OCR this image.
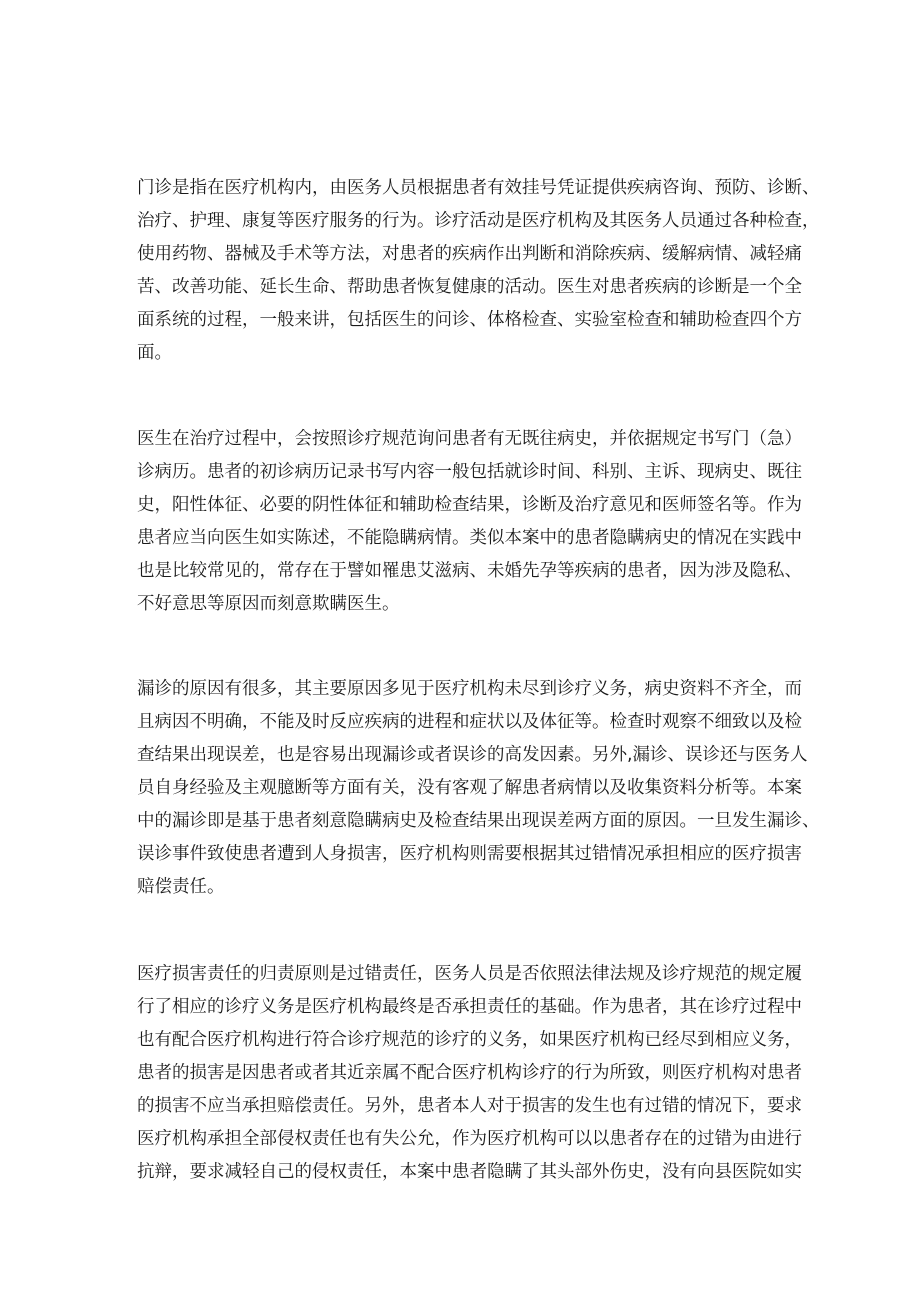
门诊是指在医疗机构内，由医务人员根据患者有效挂号凭证提供疾病咨询、预防、诊断、
治疗、护理、康复等医疗服务的行为。诊疗活动是医疗机构及其医务人员通过各种检查，
使用药物、器械及手术等方法，对患者的疾病作出判断和消除疾病、缓解病情、减轻痛
苦、改善功能、延长生命、帮助患者恢复健康的活动。医生对患者疾病的诊断是一个全
面系统的过程，一般来讲，包括医生的问诊、体格检查、实验室检查和辅助检查四个方
面。

医生在治疗过程中，会按照诊疗规范询问患者有无既往病史，并依据规定书写门（急）
诊病历。患者的初诊病历记录书写内容一般包括就诊时间、科别、主诉、现病史、既往
史，阳性体征、必要的阴性体征和辅助检查结果，诊断及治疗意见和医师签名等。作为
患者应当向医生如实陈述，不能隐瞒病情。类似本案中的患者隐瞒病史的情况在实践中
也是比较常见的，常存在于譬如罹患艾滋病、未婚先孕等疾病的患者，因为涉及隐私、
不好意思等原因而刻意欺瞒医生。

漏诊的原因有很多，其主要原因多见于医疗机构未尽到诊疗义务，病史资料不齐全，而
且病因不明确，不能及时反应疾病的进程和症状以及体征等。检查时观察不细致以及检
查结果出现误差，也是容易出现漏诊或者误诊的高发因素。另外,漏诊、误诊还与医务人
员自身经验及主观臆断等方面有关，没有客观了解患者病情以及收集资料分析等。本案
中的漏诊即是基于患者刻意隐瞒病史及检查结果出现误差两方面的原因。一旦发生漏诊、
误诊事件致使患者遭到人身损害，医疗机构则需要根据其过错情况承担相应的医疗损害
赔偿责任。

医疗损害责任的归责原则是过错责任，医务人员是否依照法律法规及诊疗规范的规定履
行了相应的诊疗义务是医疗机构最终是否承担责任的基础。作为患者，其在诊疗过程中
也有配合医疗机构进行符合诊疗规范的诊疗的义务，如果医疗机构已经尽到相应义务，
患者的损害是因患者或者其近亲属不配合医疗机构诊疗的行为所致，则医疗机构对患者
的损害不应当承担赔偿责任。另外，患者本人对于损害的发生也有过错的情况下，要求
医疗机构承担全部侵权责任也有失公允，作为医疗机构可以以患者存在的过错为由进行
抗辩，要求减轻自己的侵权责任，本案中患者隐瞒了其头部外伤史，没有向县医院如实
